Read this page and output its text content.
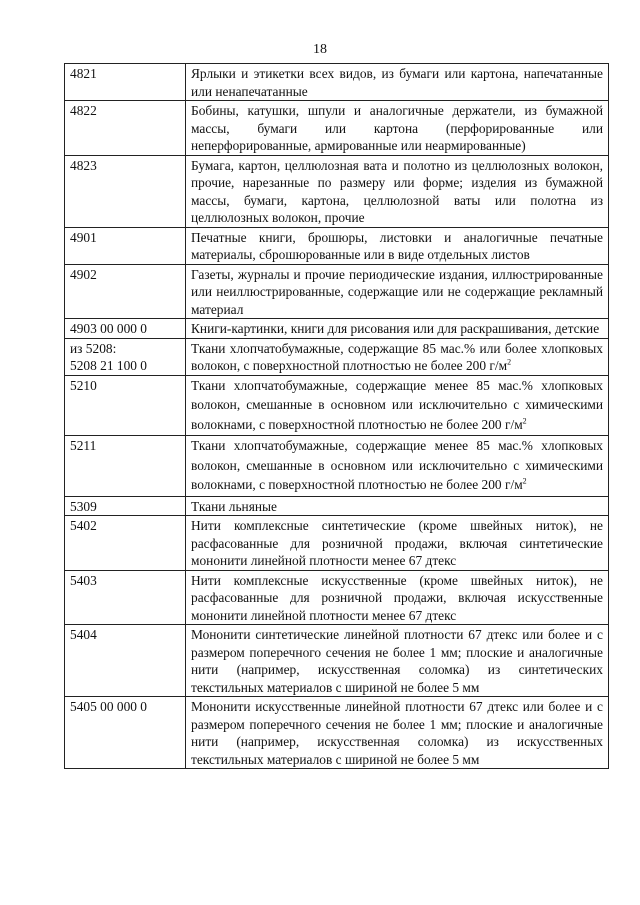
18
4821	Ярлыки и этикетки всех видов, из бумаги или картона, напечатанные или ненапечатанные
4822	Бобины, катушки, шпули и аналогичные держатели, из бумажной массы, бумаги или картона (перфорированные или неперфорированные, армированные или неармированные)
4823	Бумага, картон, целлюлозная вата и полотно из целлюлозных волокон, прочие, нарезанные по размеру или форме; изделия из бумажной массы, бумаги, картона, целлюлозной ваты или полотна из целлюлозных волокон, прочие
4901	Печатные книги, брошюры, листовки и аналогичные печатные материалы, сброшюрованные или в виде отдельных листов
4902	Газеты, журналы и прочие периодические издания, иллюстрированные или неиллюстрированные, содержащие или не содержащие рекламный материал
4903 00 000 0	Книги-картинки, книги для рисования или для раскрашивания, детские
из 5208:
5208 21 100 0	Ткани хлопчатобумажные, содержащие 85 мас.% или более хлопковых волокон, с поверхностной плотностью не более 200 $г/м^2$
5210	Ткани хлопчатобумажные, содержащие менее 85 мас.% хлопковых волокон, смешанные в основном или исключительно с химическими волокнами, с поверхностной плотностью не более 200 $г/м^2$
5211	Ткани хлопчатобумажные, содержащие менее 85 мас.% хлопковых волокон, смешанные в основном или исключительно с химическими волокнами, с поверхностной плотностью не более 200 $г/м^2$
5309	Ткани льняные
5402	Нити комплексные синтетические (кроме швейных ниток), не расфасованные для розничной продажи, включая синтетические мононити линейной плотности менее 67 дтекс
5403	Нити комплексные искусственные (кроме швейных ниток), не расфасованные для розничной продажи, включая искусственные мононити линейной плотности менее 67 дтекс
5404	Мононити синтетические линейной плотности 67 дтекс или более и с размером поперечного сечения не более 1 мм; плоские и аналогичные нити (например, искусственная соломка) из синтетических текстильных материалов с шириной не более 5 мм
5405 00 000 0	Мононити искусственные линейной плотности 67 дтекс или более и с размером поперечного сечения не более 1 мм; плоские и аналогичные нити (например, искусственная соломка) из искусственных текстильных материалов с шириной не более 5 мм
